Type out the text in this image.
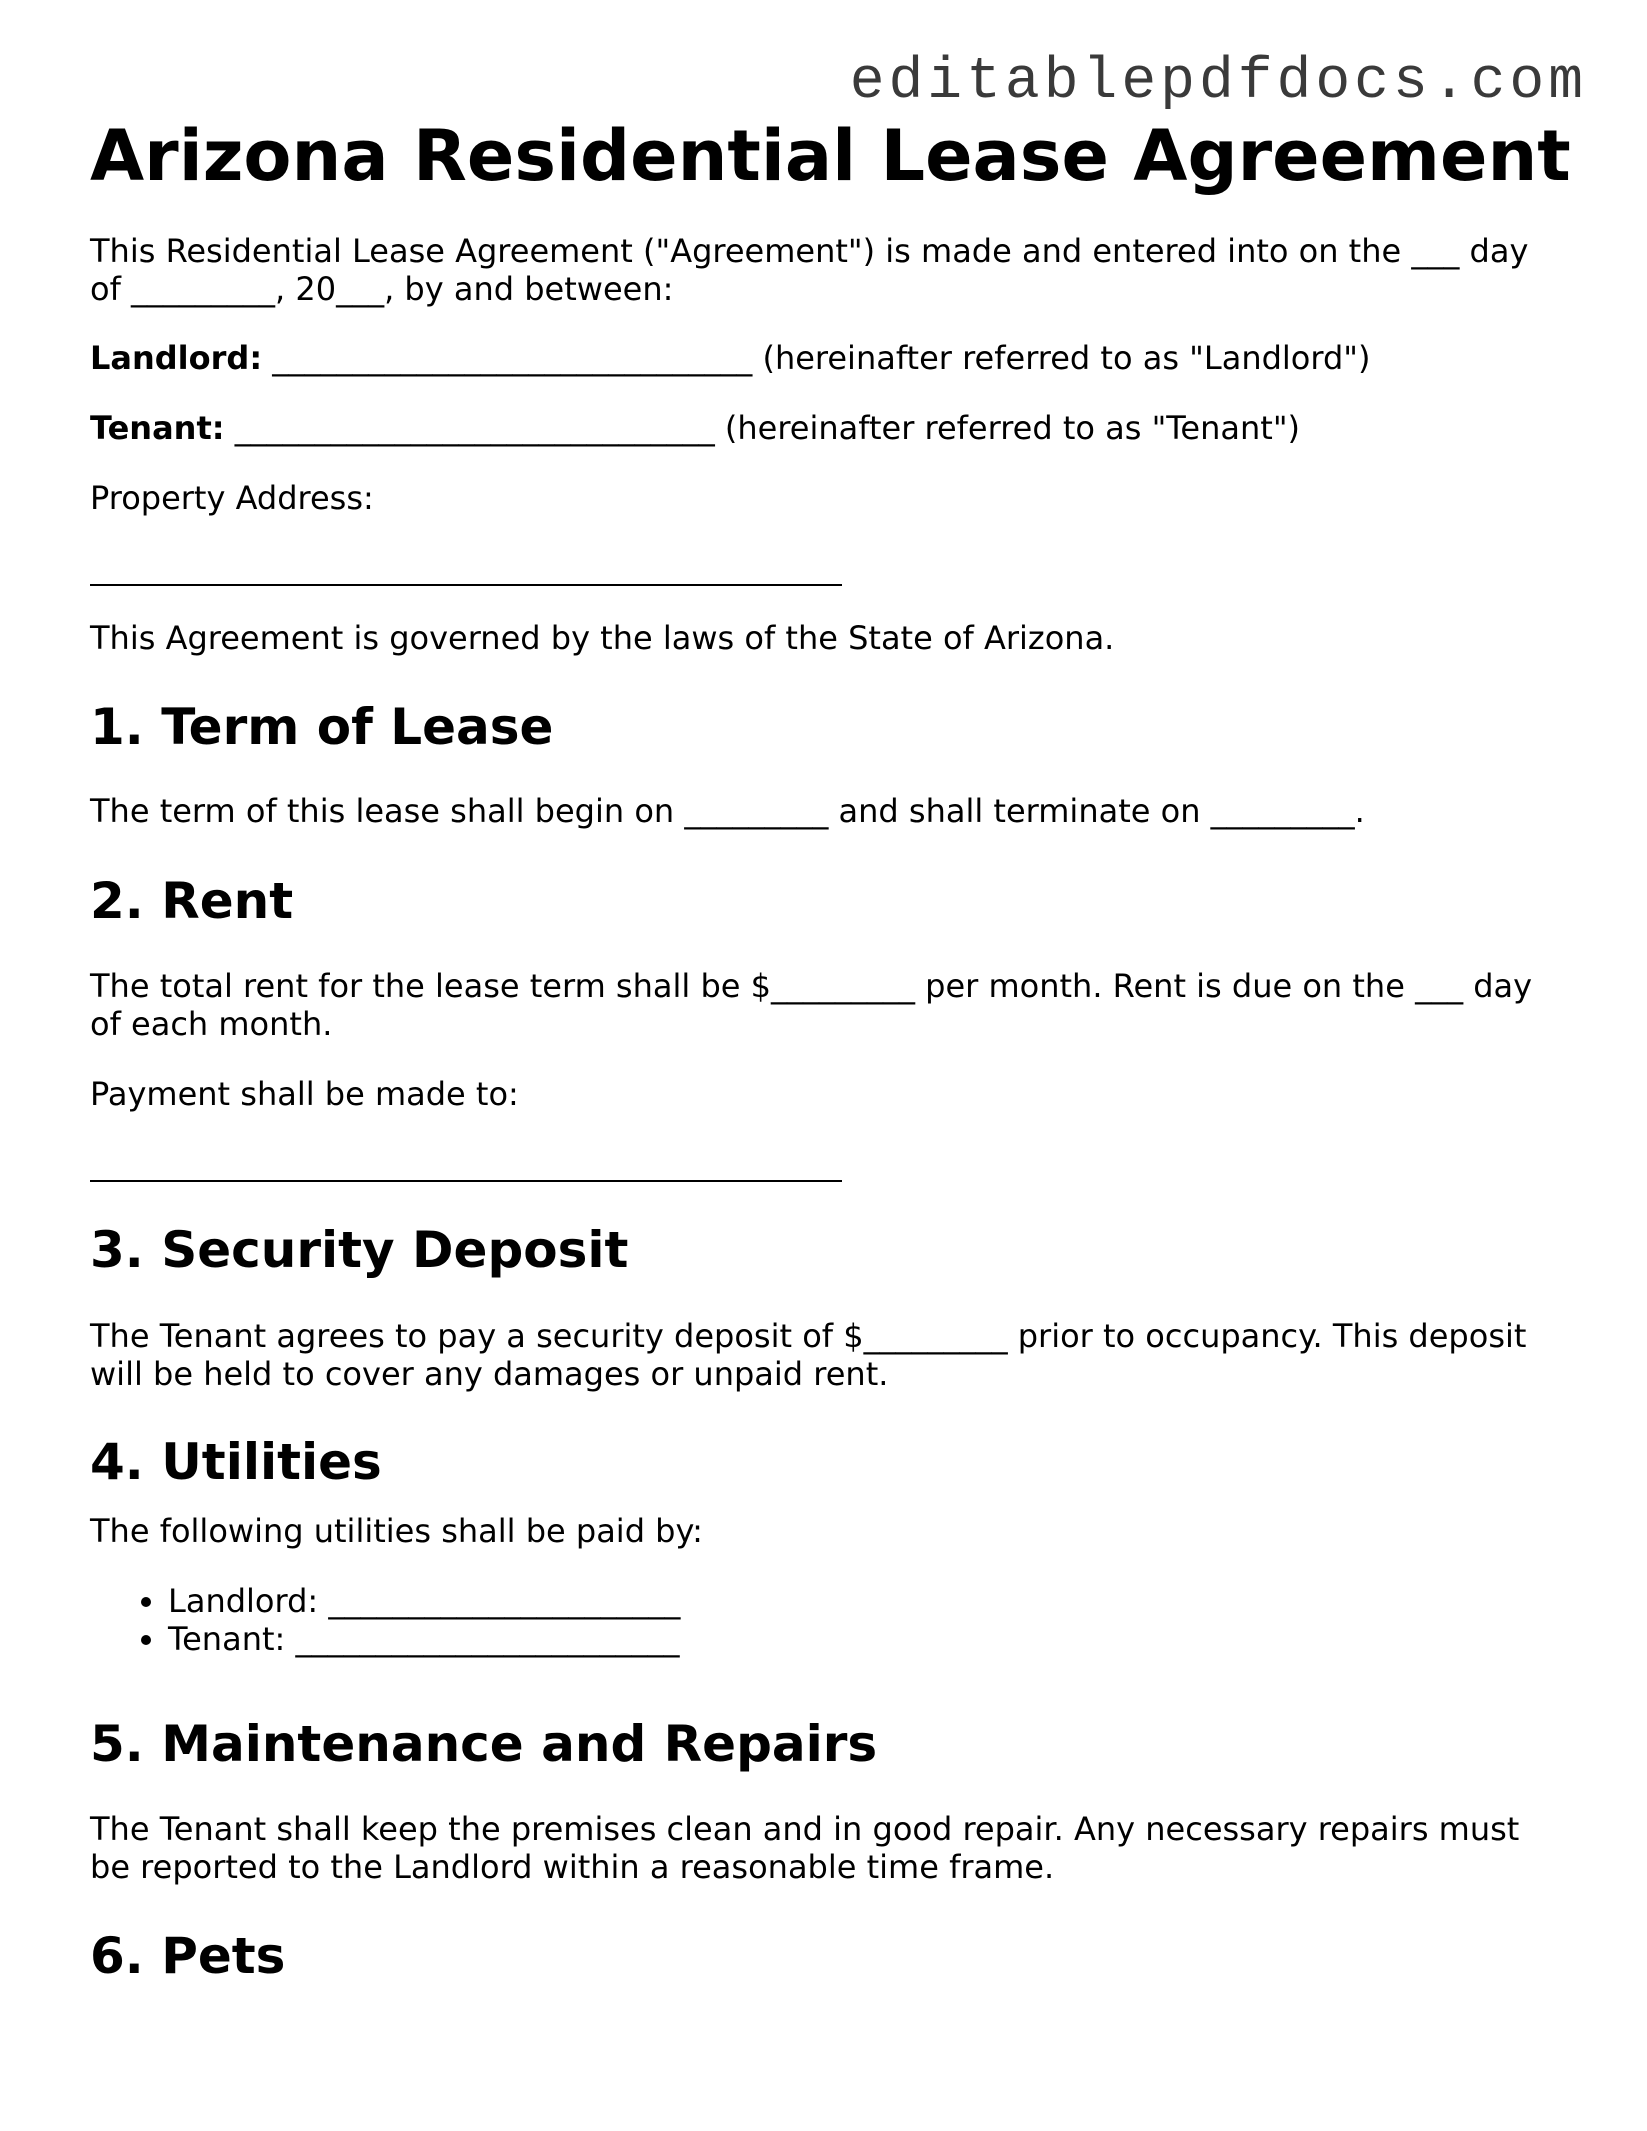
editablepdfdocs.com
Arizona Residential Lease Agreement

This Residential Lease Agreement ("Agreement") is made and entered into on the ___ day

of _________, 20___, by and between:

Landlord: ______________________________ (hereinafter referred to as "Landlord")

Tenant: ______________________________ (hereinafter referred to as "Tenant")

Property Address:

This Agreement is governed by the laws of the State of Arizona.

1. Term of Lease

The term of this lease shall begin on _________ and shall terminate on _________.

2. Rent

The total rent for the lease term shall be $_________ per month. Rent is due on the ___ day

of each month.

Payment shall be made to:

3. Security Deposit

The Tenant agrees to pay a security deposit of $_________ prior to occupancy. This deposit

will be held to cover any damages or unpaid rent.

4. Utilities

The following utilities shall be paid by:

• Landlord: ______________________
• Tenant: ________________________
5. Maintenance and Repairs

The Tenant shall keep the premises clean and in good repair. Any necessary repairs must

be reported to the Landlord within a reasonable time frame.

6. Pets
